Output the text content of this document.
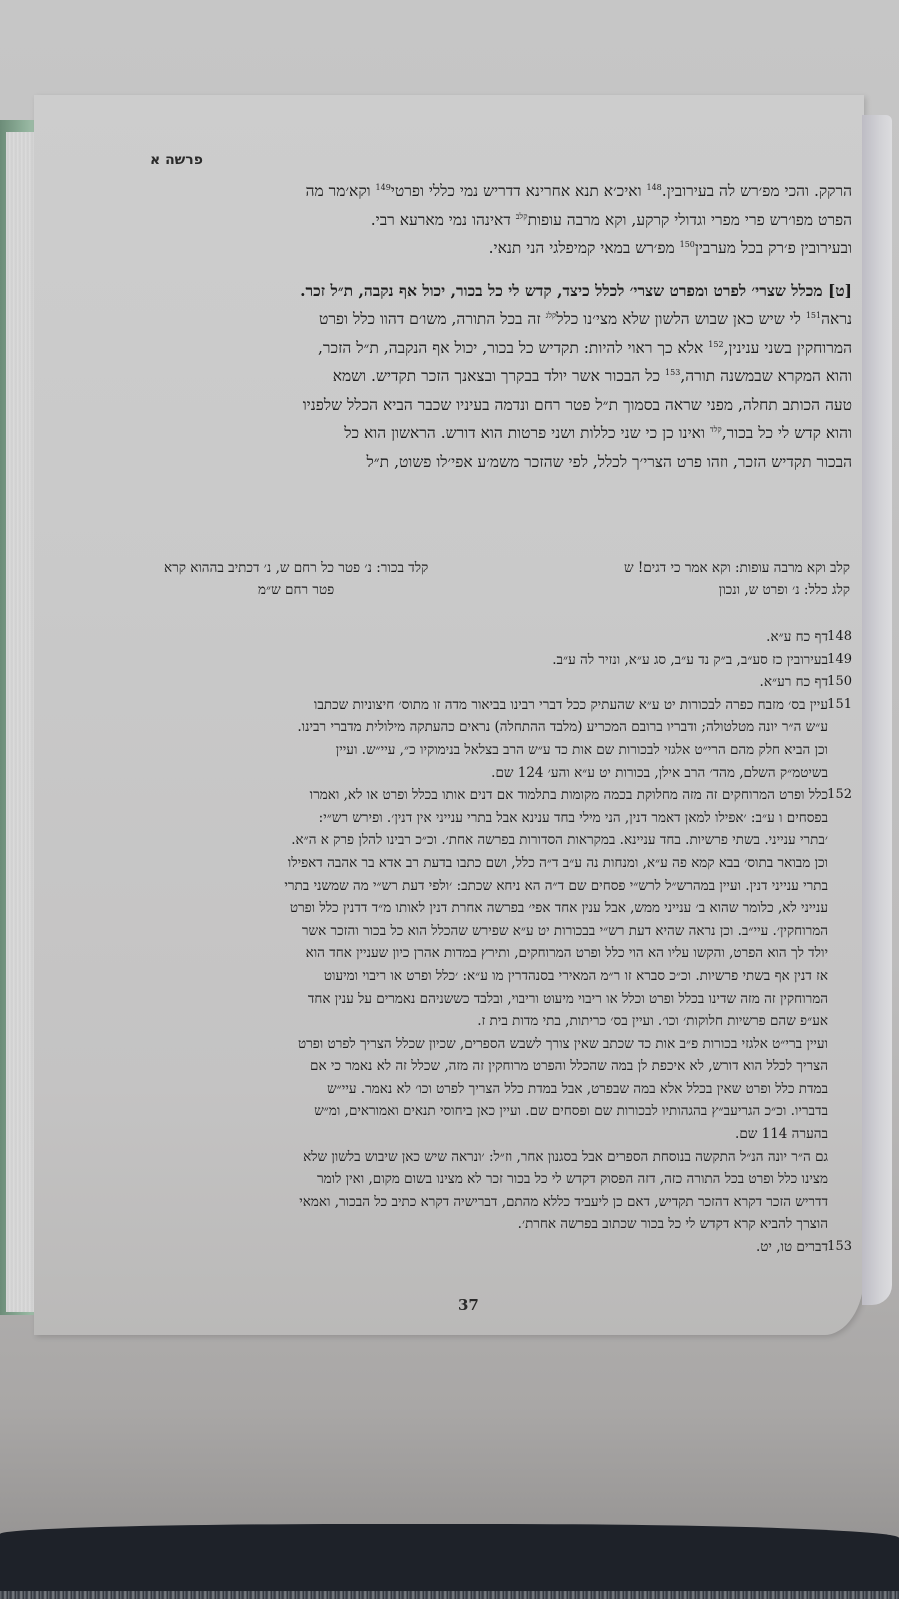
פרשה א

הרקק. והכי מפ׳רש לה בעירובין.$^{148}$ ואיכ׳א תנא אחרינא דדריש נמי כללי ופרטי$^{149}$ וקא׳מר מה

הפרט מפו׳רש פרי מפרי וגדולי קרקע, וקא מרבה עופות$^{קלב}$ דאינהו נמי מארעא רבי.

ובעירובין פ׳רק בכל מערבין$^{150}$ מפ׳רש במאי קמיפלגי הני תנאי.

[ט] מכלל שצרי׳ לפרט ומפרט שצרי׳ לכלל כיצד, קדש לי כל בכור, יכול אף נקבה, ת״ל זכר.

נראה$^{151}$ לי שיש כאן שבוש הלשון שלא מצי׳נו כלל$^{קלג}$ זה בכל התורה, משו׳ם דהוו כלל ופרט

המרוחקין בשני ענינין,$^{152}$ אלא כך ראוי להיות: תקדיש כל בכור, יכול אף הנקבה, ת״ל הזכר,

והוא המקרא שבמשנה תורה,$^{153}$ כל הבכור אשר יולד בבקרך ובצאנך הזכר תקדיש. ושמא

טעה הכותב תחלה, מפני שראה בסמוך ת״ל פטר רחם ונדמה בעיניו שכבר הביא הכלל שלפניו

והוא קדש לי כל בכור,$^{קלד}$ ואינו כן כי שני כללות ושני פרטות הוא דורש. הראשון הוא כל

הבכור תקדיש הזכר, וזהו פרט הצרי׳ך לכלל, לפי שהזכר משמ׳ע אפי׳לו פשוט, ת״ל

קלב וקא מרבה עופות: וקא אמר כי דגים! ש
קלג כלל: נ׳ ופרט ש, ונכון
קלד בכור: נ׳ פטר כל רחם ש, נ׳ דכתיב בההוא קרא
פטר רחם ש״מ
148
דף כח ע״א.
149
בעירובין כז סע״ב, ב״ק נד ע״ב, סג ע״א, ונזיר לה ע״ב.
150
דף כח רע״א.
151
עיין בס׳ מזבח כפרה לבכורות יט ע״א שהעתיק ככל דברי רבינו בביאור מדה זו מתוס׳ חיצוניות שכתבו
ע״ש ה״ר יונה מטלטולה; ודבריו ברובם המכריע (מלבד ההתחלה) נראים כהעתקה מילולית מדברי רבינו.
וכן הביא חלק מהם הרי״ט אלגזי לבכורות שם אות כד ע״ש הרב בצלאל בנימוקיו כ״, עיי״ש. ועיין
בשיטמ״ק השלם, מהד׳ הרב אילן, בכורות יט ע״א והע׳ 124 שם.
152
כלל ופרט המרוחקים זה מזה מחלוקת בכמה מקומות בתלמוד אם דנים אותו בכלל ופרט או לא, ואמרו
בפסחים ו ע״ב: ׳אפילו למאן דאמר דנין, הני מילי בחד ענינא אבל בתרי ענייני אין דנין׳. ופירש רש״י:
׳בתרי ענייני. בשתי פרשיות. בחד עניינא. במקראות הסדורות בפרשה אחת׳. וכ״כ רבינו להלן פרק א ה״א.
וכן מבואר בתוס׳ בבא קמא פה ע״א, ומנחות נה ע״ב ד״ה כלל, ושם כתבו בדעת רב אדא בר אהבה דאפילו
בתרי ענייני דנין. ועיין במהרש״ל לרש״י פסחים שם ד״ה הא ניחא שכתב: ׳ולפי דעת רש״י מה שמשני בתרי
ענייני לא, כלומר שהוא ב׳ ענייני ממש, אבל ענין אחד אפי׳ בפרשה אחרת דנין לאותו מ״ד דדנין כלל ופרט
המרוחקין׳. עיי״ב. וכן נראה שהיא דעת רש״י בבכורות יט ע״א שפירש שהכלל הוא כל בכור והזכר אשר
יולד לך הוא הפרט, והקשו עליו הא הוי כלל ופרט המרוחקים, ותירץ במדות אהרן כיון שעניין אחד הוא
אז דנין אף בשתי פרשיות. וכ״כ סברא זו ר״מ המאירי בסנהדרין מו ע״א: ׳כלל ופרט או ריבוי ומיעוט
המרוחקין זה מזה שדינו בכלל ופרט וכלל או ריבוי מיעוט וריבוי, ובלבד כששניהם נאמרים על ענין אחד
אע״פ שהם פרשיות חלוקות׳ וכו׳. ועיין בס׳ כריתות, בתי מדות בית ז.
ועיין ברי״ט אלגזי בכורות פ״ב אות כד שכתב שאין צורך לשבש הספרים, שכיון שכלל הצריך לפרט ופרט
הצריך לכלל הוא דורש, לא איכפת לן במה שהכלל והפרט מרוחקין זה מזה, שכלל זה לא נאמר כי אם
במדת כלל ופרט שאין בכלל אלא במה שבפרט, אבל במדת כלל הצריך לפרט וכו׳ לא נאמר. עיי״ש
בדבריו. וכ״כ הגריעב״ץ בהגהותיו לבכורות שם ופסחים שם. ועיין כאן ביחוסי תנאים ואמוראים, ומ״ש
בהערה 114 שם.
גם ה״ר יונה הנ״ל התקשה בנוסחת הספרים אבל בסגנון אחר, וז״ל: ׳ונראה שיש כאן שיבוש בלשון שלא
מצינו כלל ופרט בכל התורה כזה, דזה הפסוק דקדש לי כל בכור זכר לא מצינו בשום מקום, ואין לומר
דדריש הזכר דקרא דהזכר תקדיש, דאם כן ליעביד כללא מהתם, דברישיה דקרא כתיב כל הבכור, ואמאי
הוצרך להביא קרא דקדש לי כל בכור שכתוב בפרשה אחרת׳.
153
דברים טו, יט.
37
